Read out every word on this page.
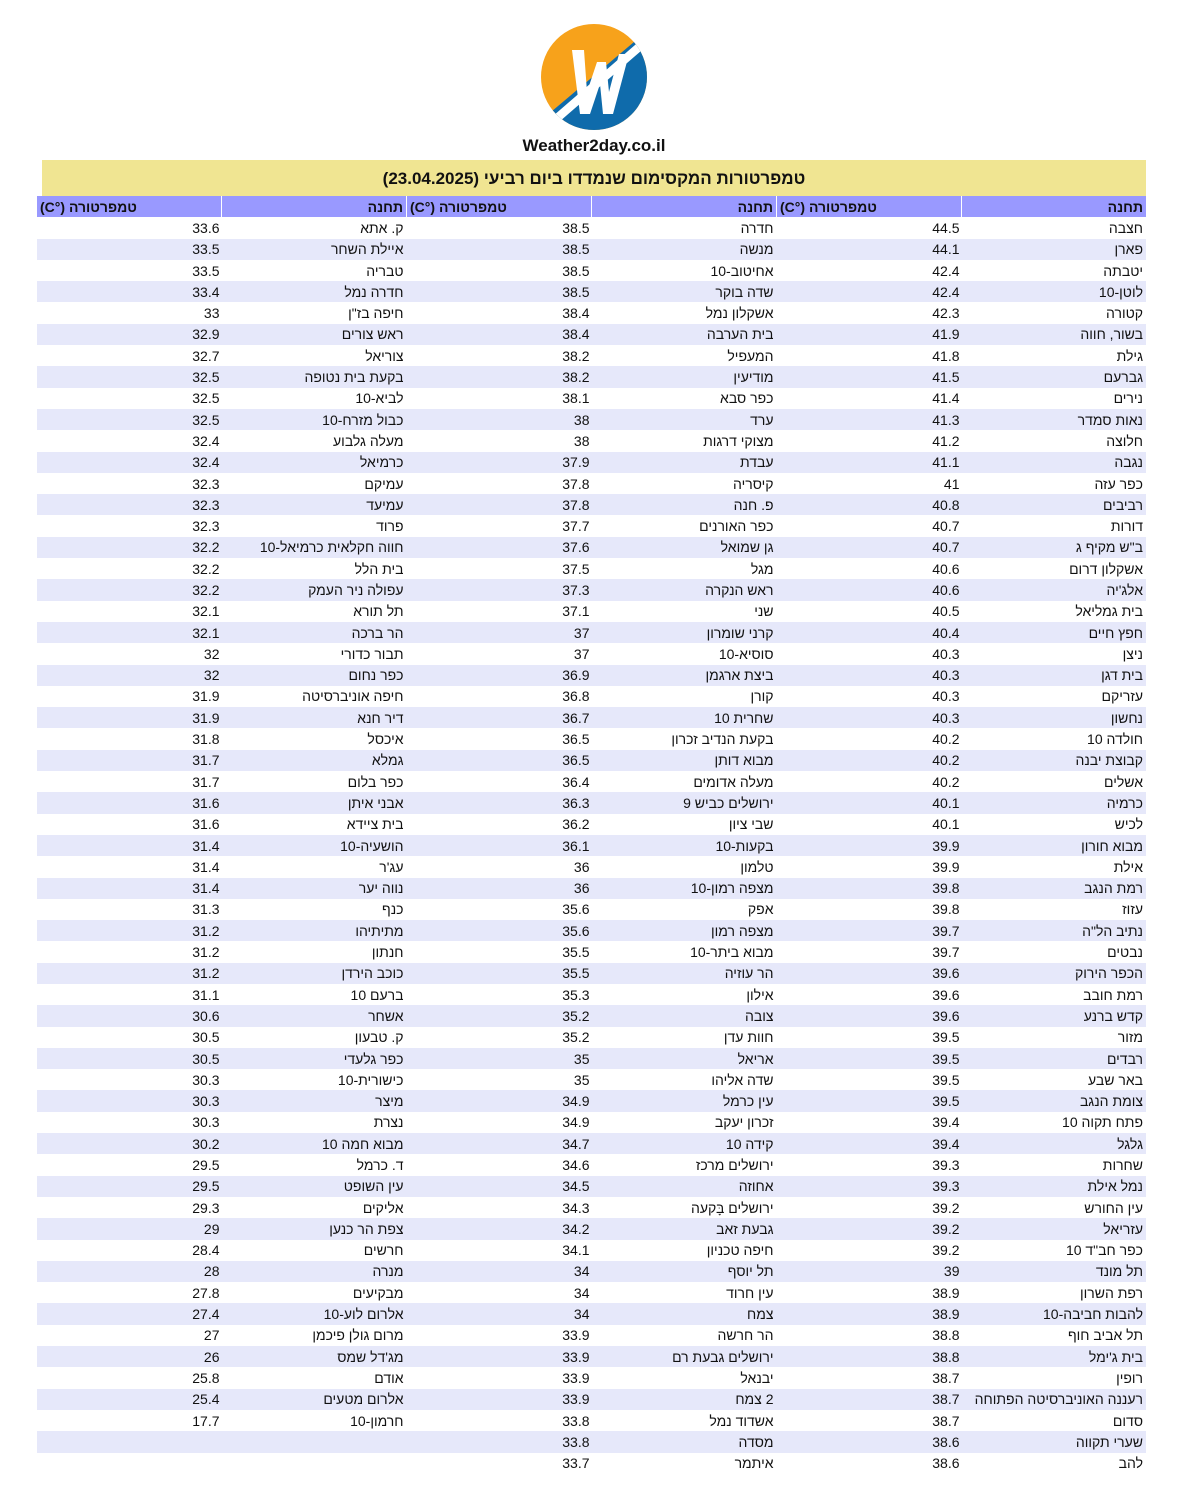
Weather2day.co.il
טמפרטורות המקסימום שנמדדו ביום רביעי (23.04.2025)
תחנה	טמפרטורה (°C)	תחנה	טמפרטורה (°C)	תחנה	טמפרטורה (°C)
חצבה	44.5	חדרה	38.5	ק. אתא	33.6
פארן	44.1	מנשה	38.5	איילת השחר	33.5
יטבתה	42.4	אחיטוב-10	38.5	טבריה	33.5
לוטן-10	42.4	שדה בוקר	38.5	חדרה נמל	33.4
קטורה	42.3	אשקלון נמל	38.4	חיפה בז"ן	33
בשור, חווה	41.9	בית הערבה	38.4	ראש צורים	32.9
גילת	41.8	המעפיל	38.2	צוריאל	32.7
גברעם	41.5	מודיעין	38.2	בקעת בית נטופה	32.5
נירים	41.4	כפר סבא	38.1	לביא-10	32.5
נאות סמדר	41.3	ערד	38	כבול מזרח-10	32.5
חלוצה	41.2	מצוקי דרגות	38	מעלה גלבוע	32.4
נגבה	41.1	עבדת	37.9	כרמיאל	32.4
כפר עזה	41	קיסריה	37.8	עמיקם	32.3
רביבים	40.8	פ. חנה	37.8	עמיעד	32.3
דורות	40.7	כפר האורנים	37.7	פרוד	32.3
ב"ש מקיף ג	40.7	גן שמואל	37.6	חווה חקלאית כרמיאל-10	32.2
אשקלון דרום	40.6	מגל	37.5	בית הלל	32.2
אלג'יה	40.6	ראש הנקרה	37.3	עפולה ניר העמק	32.2
בית גמליאל	40.5	שני	37.1	תל תורא	32.1
חפץ חיים	40.4	קרני שומרון	37	הר ברכה	32.1
ניצן	40.3	סוסיא-10	37	תבור כדורי	32
בית דגן	40.3	ביצת ארגמן	36.9	כפר נחום	32
עזריקם	40.3	קורן	36.8	חיפה אוניברסיטה	31.9
נחשון	40.3	שחרית 10	36.7	דיר חנא	31.9
חולדה 10	40.2	בקעת הנדיב זכרון	36.5	איכסל	31.8
קבוצת יבנה	40.2	מבוא דותן	36.5	גמלא	31.7
אשלים	40.2	מעלה אדומים	36.4	כפר בלום	31.7
כרמיה	40.1	ירושלים כביש 9	36.3	אבני איתן	31.6
לכיש	40.1	שבי ציון	36.2	בית ציידא	31.6
מבוא חורון	39.9	בקעות-10	36.1	הושעיה-10	31.4
אילת	39.9	טלמון	36	עג'ר	31.4
רמת הנגב	39.8	מצפה רמון-10	36	נווה יער	31.4
עזוז	39.8	אפק	35.6	כנף	31.3
נתיב הל"ה	39.7	מצפה רמון	35.6	מתיתיהו	31.2
נבטים	39.7	מבוא ביתר-10	35.5	חנתון	31.2
הכפר הירוק	39.6	הר עוזיה	35.5	כוכב הירדן	31.2
רמת חובב	39.6	אילון	35.3	ברעם 10	31.1
קדש ברנע	39.6	צובה	35.2	אשחר	30.6
מזור	39.5	חוות עדן	35.2	ק. טבעון	30.5
רבדים	39.5	אריאל	35	כפר גלעדי	30.5
באר שבע	39.5	שדה אליהו	35	כישורית-10	30.3
צומת הנגב	39.5	עין כרמל	34.9	מיצר	30.3
פתח תקוה 10	39.4	זכרון יעקב	34.9	נצרת	30.3
גלגל	39.4	קידה 10	34.7	מבוא חמה 10	30.2
שחרות	39.3	ירושלים מרכז	34.6	ד. כרמל	29.5
נמל אילת	39.3	אחוזה	34.5	עין השופט	29.5
עין החורש	39.2	ירושלים בָּקעה	34.3	אליקים	29.3
עזריאל	39.2	גבעת זאב	34.2	צפת הר כנען	29
כפר חב"ד 10	39.2	חיפה טכניון	34.1	חרשים	28.4
תל מונד	39	תל יוסף	34	מנרה	28
רפת השרון	38.9	עין חרוד	34	מבקיעים	27.8
להבות חביבה-10	38.9	צמח	34	אלרום לוע-10	27.4
תל אביב חוף	38.8	הר חרשה	33.9	מרום גולן פיכמן	27
בית ג'ימל	38.8	ירושלים גבעת רם	33.9	מג'דל שמס	26
רופין	38.7	יבנאל	33.9	אודם	25.8
רעננה האוניברסיטה הפתוחה	38.7	2 צמח	33.9	אלרום מטעים	25.4
סדום	38.7	אשדוד נמל	33.8	חרמון-10	17.7
שערי תקווה	38.6	מסדה	33.8		
להב	38.6	איתמר	33.7		
